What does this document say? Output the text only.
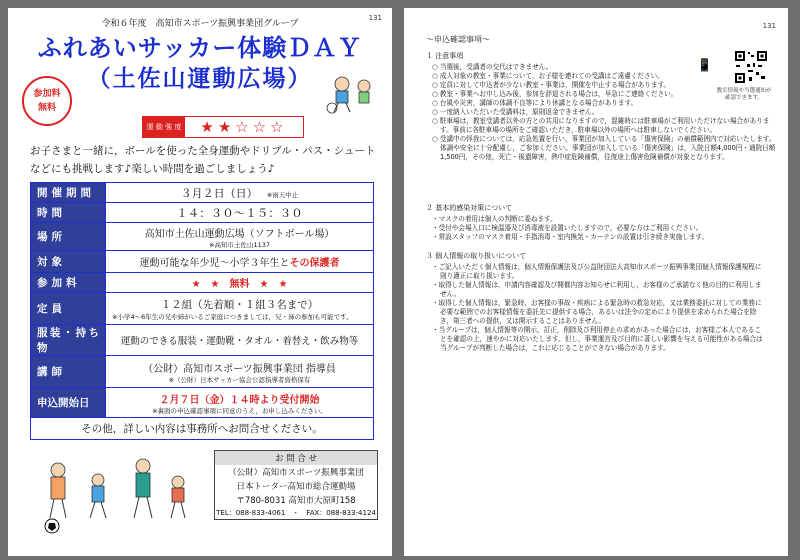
131
令和６年度　高知市スポーツ振興事業団グループ
ふれあいサッカー体験ＤＡＹ
（土佐山運動広場）
参加料
無料
運 動 強 度	★★☆☆☆
お子さまと一緒に，ボールを使った全身運動やドリブル・パス・シュートなどにも挑戦します♪楽しい時間を過ごしましょう♪
開催期間	３月２日（日） ※雨天中止
時間	１４：３０～１５：３０
場所	高知市土佐山運動広場（ソフトボール場）
※高知市土佐山1137

対象	運動可能な年少児～小学３年生とその保護者
参加料	★　★　無料　★　★
定員	１２組（先着順・１組３名まで）
※小学4～6年生の兄や姉がいるご家庭につきましては，兄・姉の参加も可能です。

服装・持ち物	運動のできる服装・運動靴・タオル・着替え・飲み物等
講師	（公財）高知市スポーツ振興事業団 指導員
※（公財）日本サッカー協会公認指導者資格保有

申込開始日	２月７日（金）１４時より受付開始
※裏面の申込確認事項に同意のうえ，お申し込みください。

その他，詳しい内容は事務所へお問合せください。	
お 問 合 せ
（公財）高知市スポーツ振興事業団
日本トーター高知市総合運動場
〒780-8031 高知市大原町158
TEL：088-833-4061　・　FAX：088-833-4124
131
～申込確認事項～
📱
教室情報や当選通知が確認できます。
１ 注意事項
○ 当選後，受講者の交代はできません。
○ 成人対象の教室・事業について，お子様を連れての受講はご遠慮ください。
○ 定員に対して申込者が少ない教室・事業は，開催を中止する場合があります。
○ 教室・事業へお申し込み後，参加を辞退される場合は，早急にご連絡ください。
○ 台風や災害，講師の体調不良等により休講となる場合があります。
○ 一度納入いただいた受講料は，原則返金できません。
○ 駐車場は，教室受講者以外の方との共用になりますので，混雑時には駐車場がご利用いただけない場合があります。事前に各駐車場の場所をご確認いただき，駐車場以外の場所へは駐車しないでください。
○ 受講中の怪我については，応急処置を行い，事業団が加入している「傷害保険」の補償範囲内で対応いたします。体調や安全に十分配慮し，ご参加ください。事業団が加入している「傷害保険」は，入院日額4,000円・通院日額1,500円，その他，死亡・後遺障害，熱中症危険補償，往復途上傷害危険補償が対象となります。
２ 基本的感染対策について
・マスクの着用は個人の判断に委ねます。
・受付や会場入口に検温器及び消毒液を設置いたしますので，必要な方はご利用ください。
・常設スタッフのマスク着用・手指消毒・室内換気・カーテンの設置は引き続き実施します。
３ 個人情報の取り扱いについて
・ご記入いただく個人情報は，個人情報保護法及び公益財団法人高知市スポーツ振興事業団個人情報保護規程に則り適正に取り扱います。
・取得した個人情報は，申請内容確認及び開催内容お知らせに利用し，お客様のご承諾なく他の目的に利用しません。
・取得した個人情報は，緊急時，お客様の事故・疾病による緊急時の救急対応，又は業務委託に対しての業務に必要な範囲でのお客様情報を委託先に提供する場合，あるいは法令の定めにより提供を求められた場合を除き，第三者への提供，又は開示することはありません。
・当グループは，個人情報等の開示，訂正，削除及び利用停止の求めがあった場合には，お客様ご本人であることを確認の上，速やかに対応いたします。但し，事業運営及び目的に著しい影響を与える可能性がある場合は当グループが判断した場合は，これに応じることができない場合があります。
